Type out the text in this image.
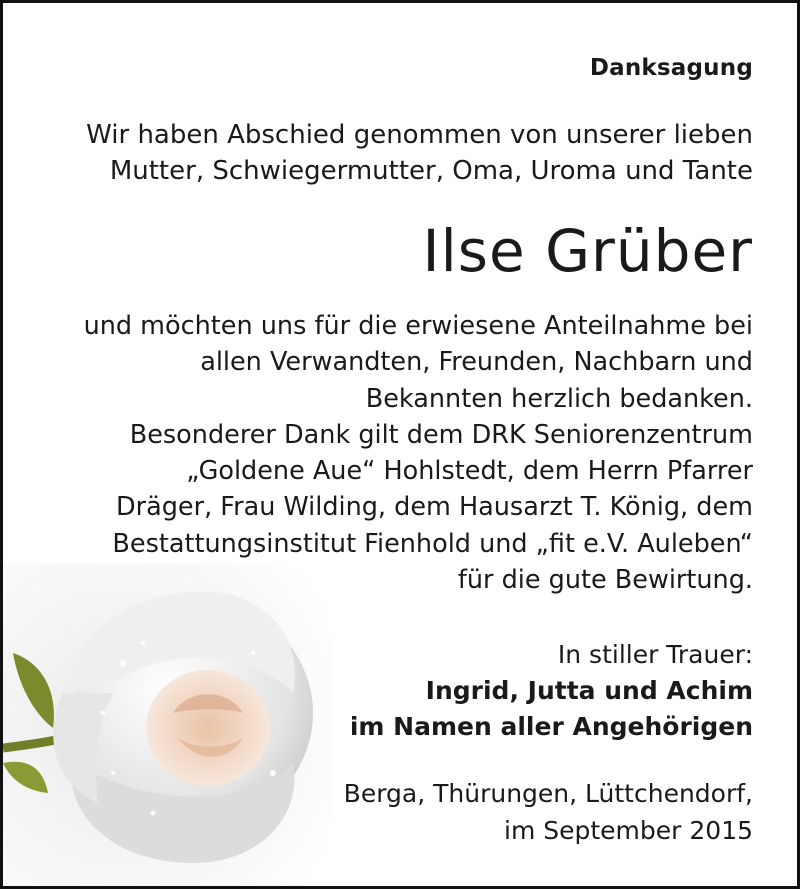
Danksagung
Wir haben Abschied genommen von unserer lieben
Mutter, Schwiegermutter, Oma, Uroma und Tante
Ilse Grüber
und möchten uns für die erwiesene Anteilnahme bei
allen Verwandten, Freunden, Nachbarn und
Bekannten herzlich bedanken.
Besonderer Dank gilt dem DRK Seniorenzentrum
„Goldene Aue“ Hohlstedt, dem Herrn Pfarrer
Dräger, Frau Wilding, dem Hausarzt T. König, dem
Bestattungsinstitut Fienhold und „fit e.V. Auleben“
für die gute Bewirtung.
In stiller Trauer:
Ingrid, Jutta und Achim
im Namen aller Angehörigen
Berga, Thürungen, Lüttchendorf,
im September 2015
